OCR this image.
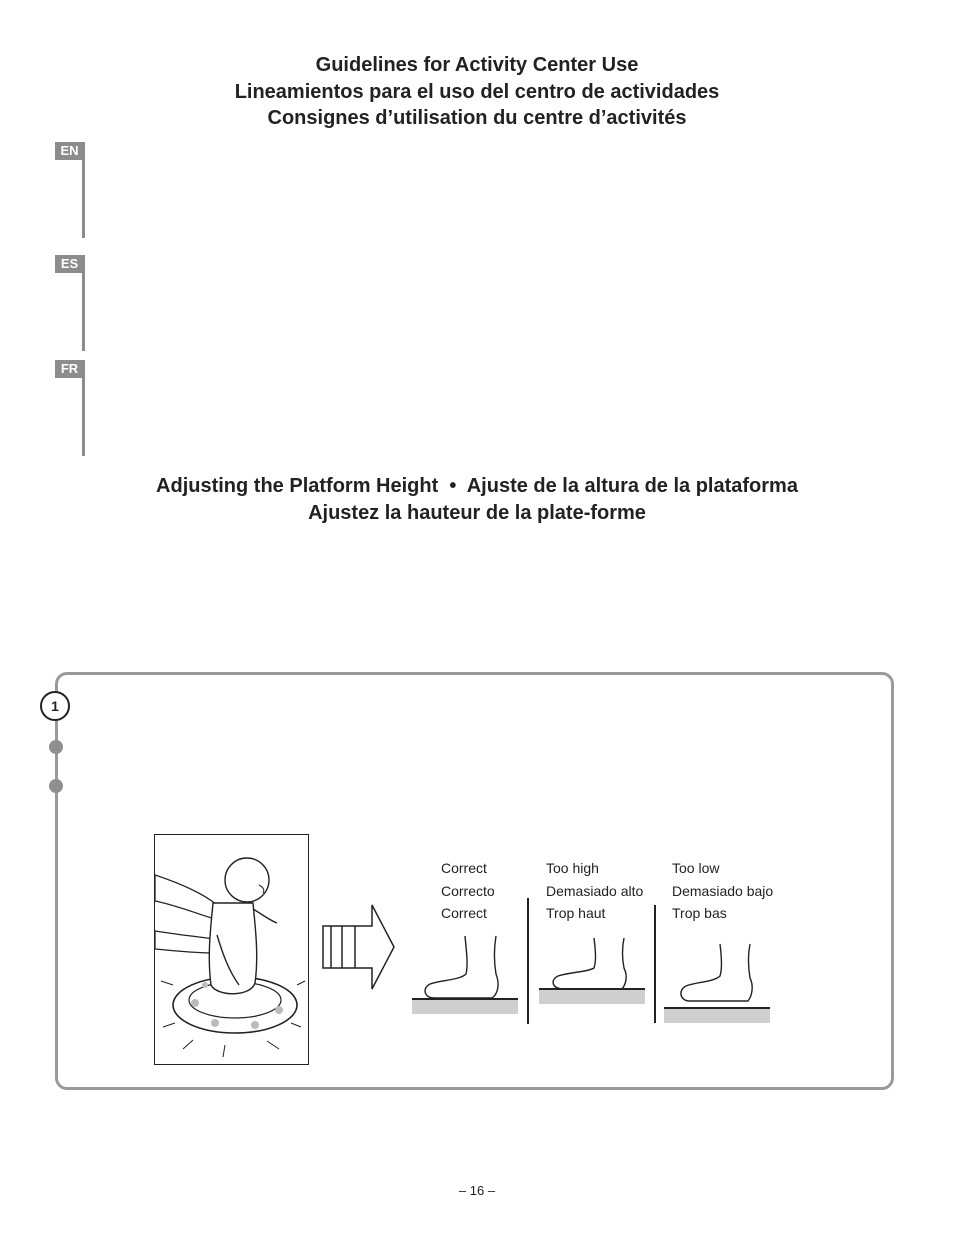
Guidelines for Activity Center Use
Lineamientos para el uso del centro de actividades
Consignes d’utilisation du centre d’activités
EN
ES
FR
Adjusting the Platform Height  •  Ajuste de la altura de la plataforma
Ajustez la hauteur de la plate-forme
1
Correct
Correcto
Correct
Too high
Demasiado alto
Trop haut
Too low
Demasiado bajo
Trop bas
– 16 –
